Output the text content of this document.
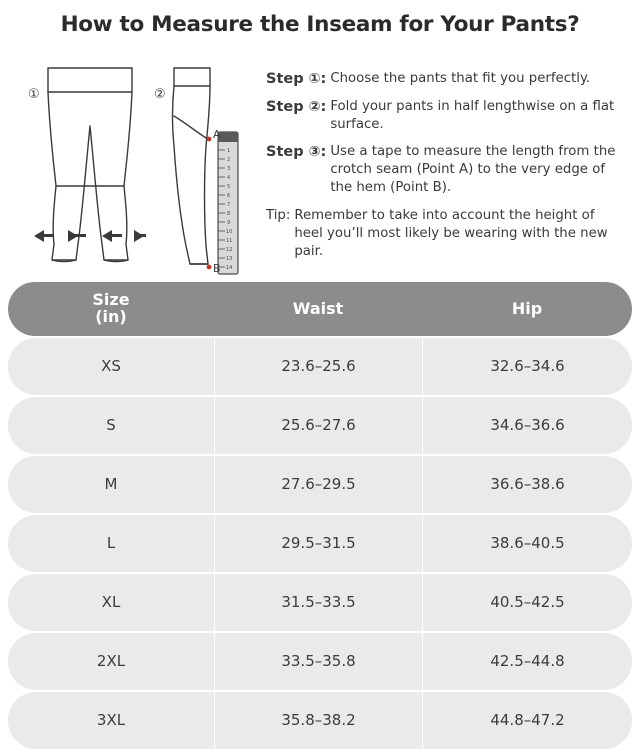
How to Measure the Inseam for Your Pants?
1
2
3
4
5
6
7
8
9
10
11
12
13
14
A
B
①	②
Step ①: Choose the pants that fit you perfectly.
Step ②: Fold your pants in half lengthwise on a flat surface.
Step ③: Use a tape to measure the length from the crotch seam (Point A) to the very edge of the hem (Point B).
Tip: Remember to take into account the height of heel you’ll most likely be wearing with the new pair.
Size
(in)	Waist	Hip
XS	23.6–25.6	32.6–34.6
S	25.6–27.6	34.6–36.6
M	27.6–29.5	36.6–38.6
L	29.5–31.5	38.6–40.5
XL	31.5–33.5	40.5–42.5
2XL	33.5–35.8	42.5–44.8
3XL	35.8–38.2	44.8–47.2
